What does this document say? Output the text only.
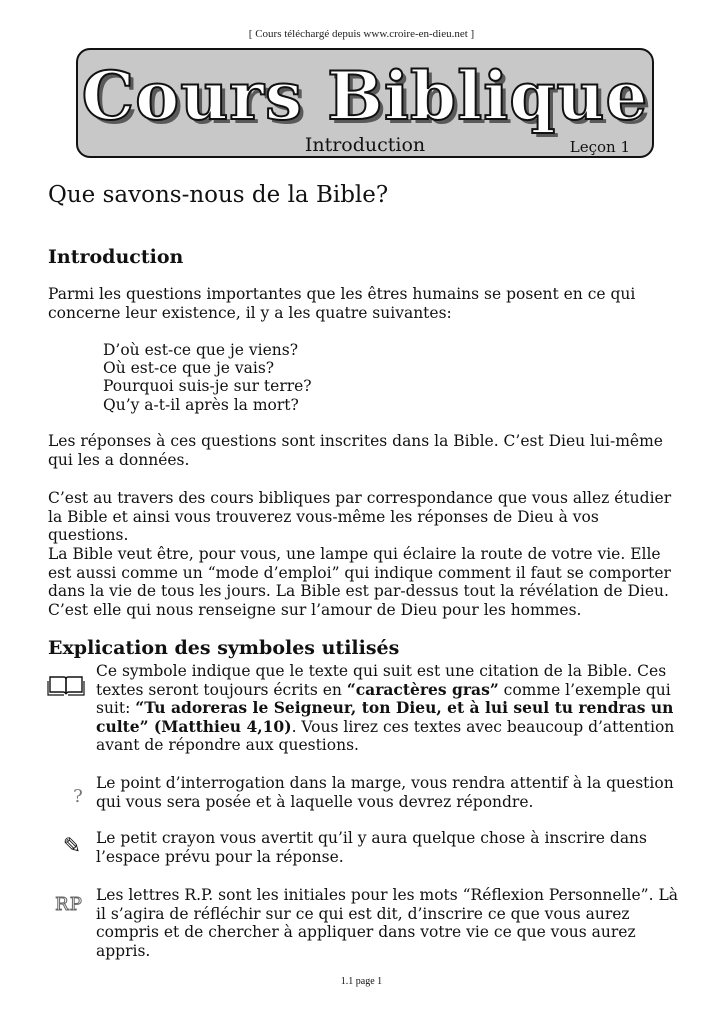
[ Cours téléchargé depuis www.croire-en-dieu.net ]
Cours Biblique
Introduction	Leçon 1
Que savons-nous de la Bible?
Introduction
Parmi les questions importantes que les êtres humains se posent en ce qui concerne leur existence, il y a les quatre suivantes:
D’où est-ce que je viens?
Où est-ce que je vais?
Pourquoi suis-je sur terre?
Qu’y a-t-il après la mort?
Les réponses à ces questions sont inscrites dans la Bible. C’est Dieu lui-même qui les a données.
C’est au travers des cours bibliques par correspondance que vous allez étudier la Bible et ainsi vous trouverez vous-même les réponses de Dieu à vos questions.
La Bible veut être, pour vous, une lampe qui éclaire la route de votre vie. Elle est aussi comme un “mode d’emploi” qui indique comment il faut se comporter dans la vie de tous les jours. La Bible est par-dessus tout la révélation de Dieu. C’est elle qui nous renseigne sur l’amour de Dieu pour les hommes.
Explication des symboles utilisés
Ce symbole indique que le texte qui suit est une citation de la Bible. Ces textes seront toujours écrits en “caractères gras” comme l’exemple qui suit: “Tu adoreras le Seigneur, ton Dieu, et à lui seul tu rendras un culte” (Matthieu 4,10). Vous lirez ces textes avec beaucoup d’attention avant de répondre aux questions.
?
Le point d’interrogation dans la marge, vous rendra attentif à la question qui vous sera posée et à laquelle vous devrez répondre.
✎ Le petit crayon vous avertit qu’il y aura quelque chose à inscrire dans l’espace prévu pour la réponse.
RP Les lettres R.P. sont les initiales pour les mots “Réflexion Personnelle”. Là il s’agira de réfléchir sur ce qui est dit, d’inscrire ce que vous aurez compris et de chercher à appliquer dans votre vie ce que vous aurez appris.
1.1 page 1
